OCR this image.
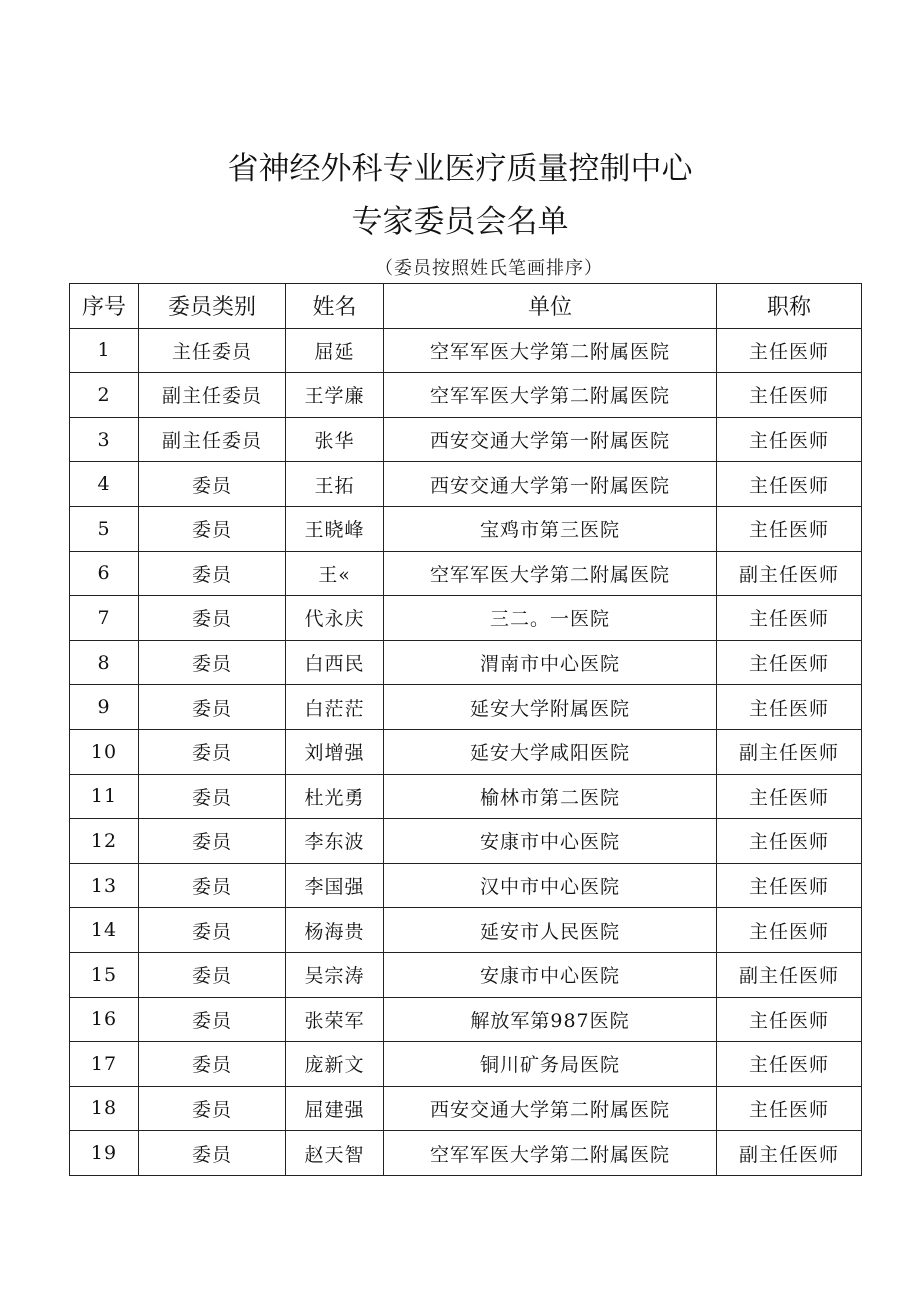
省神经外科专业医疗质量控制中心
专家委员会名单
（委员按照姓氏笔画排序）
序号	委员类别	姓名	单位	职称
1	主任委员	屈延	空军军医大学第二附属医院	主任医师
2	副主任委员	王学廉	空军军医大学第二附属医院	主任医师
3	副主任委员	张华	西安交通大学第一附属医院	主任医师
4	委员	王拓	西安交通大学第一附属医院	主任医师
5	委员	王晓峰	宝鸡市第三医院	主任医师
6	委员	王«	空军军医大学第二附属医院	副主任医师
7	委员	代永庆	三二。一医院	主任医师
8	委员	白西民	渭南市中心医院	主任医师
9	委员	白茫茫	延安大学附属医院	主任医师
10	委员	刘增强	延安大学咸阳医院	副主任医师
11	委员	杜光勇	榆林市第二医院	主任医师
12	委员	李东波	安康市中心医院	主任医师
13	委员	李国强	汉中市中心医院	主任医师
14	委员	杨海贵	延安市人民医院	主任医师
15	委员	吴宗涛	安康市中心医院	副主任医师
16	委员	张荣军	解放军第987医院	主任医师
17	委员	庞新文	铜川矿务局医院	主任医师
18	委员	屈建强	西安交通大学第二附属医院	主任医师
19	委员	赵天智	空军军医大学第二附属医院	副主任医师
